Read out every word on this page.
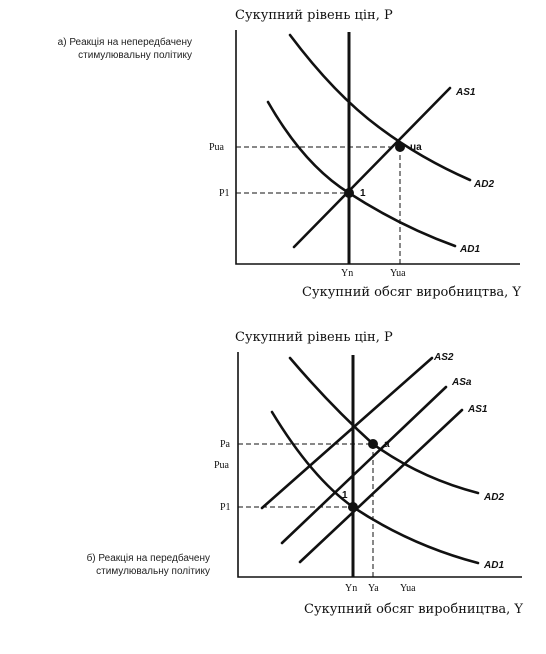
а) Реакція на непередбачену
стимулювальну політику
б) Реакція на передбачену
стимулювальну політику
Сукупний рівень цін, P
ua
1
AS1
AD2
AD1
Pua
P1
Yn	Yua
Сукупний обсяг виробництва, Y
Сукупний рівень цін, P
a
1
AS2
ASa
AS1
AD2
AD1
Pa
Pua
P1
Yn Ya Yua
Сукупний обсяг виробництва, Y
